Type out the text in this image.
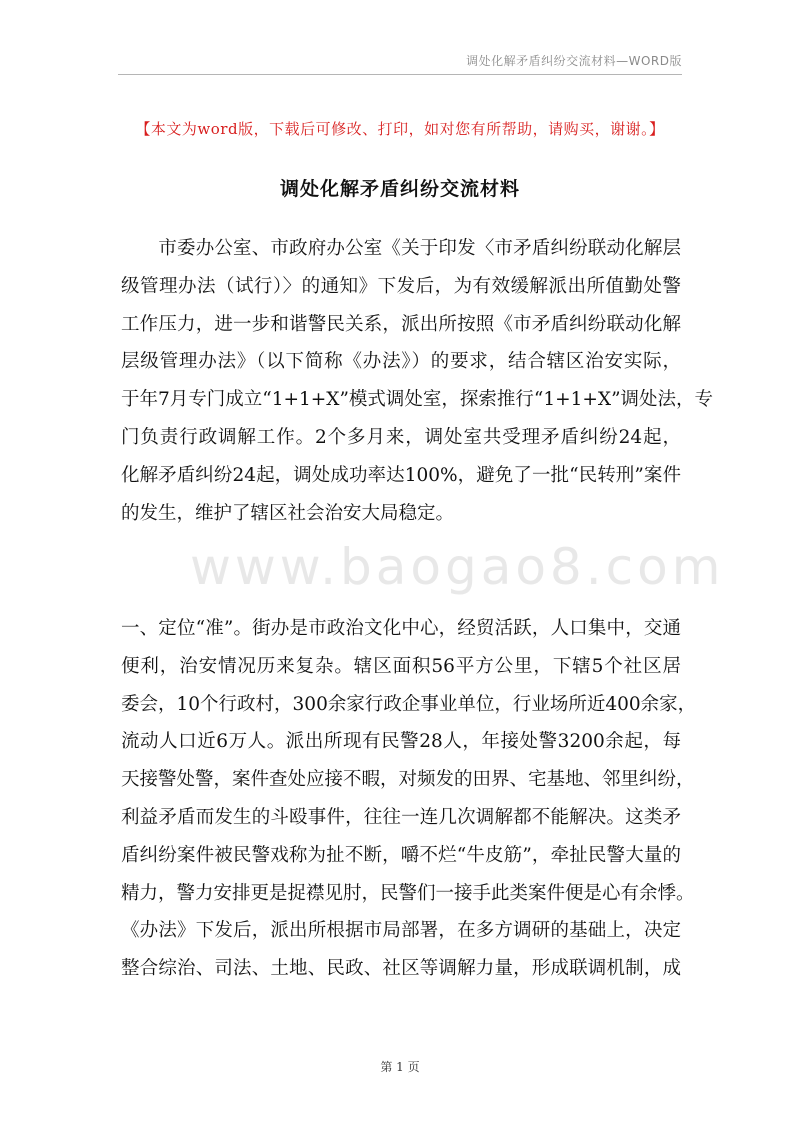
调处化解矛盾纠纷交流材料—WORD版
【本文为word版，下载后可修改、打印，如对您有所帮助，请购买，谢谢。】
调处化解矛盾纠纷交流材料
www.baogao8.com
　　市委办公室、市政府办公室《关于印发〈市矛盾纠纷联动化解层
级管理办法（试行）〉的通知》下发后，为有效缓解派出所值勤处警
工作压力，进一步和谐警民关系，派出所按照《市矛盾纠纷联动化解
层级管理办法》（以下简称《办法》）的要求，结合辖区治安实际，
于年7月专门成立“1+1+X”模式调处室，探索推行“1+1+X”调处法，专
门负责行政调解工作。2个多月来，调处室共受理矛盾纠纷24起，
化解矛盾纠纷24起，调处成功率达100%，避免了一批“民转刑”案件
的发生，维护了辖区社会治安大局稳定。
一、定位“准”。街办是市政治文化中心，经贸活跃，人口集中，交通
便利，治安情况历来复杂。辖区面积56平方公里，下辖5个社区居
委会，10个行政村，300余家行政企事业单位，行业场所近400余家，
流动人口近6万人。派出所现有民警28人，年接处警3200余起，每
天接警处警，案件查处应接不暇，对频发的田界、宅基地、邻里纠纷，
利益矛盾而发生的斗殴事件，往往一连几次调解都不能解决。这类矛
盾纠纷案件被民警戏称为扯不断，嚼不烂“牛皮筋”，牵扯民警大量的
精力，警力安排更是捉襟见肘，民警们一接手此类案件便是心有余悸。
《办法》下发后，派出所根据市局部署，在多方调研的基础上，决定
整合综治、司法、土地、民政、社区等调解力量，形成联调机制，成
第 1 页
